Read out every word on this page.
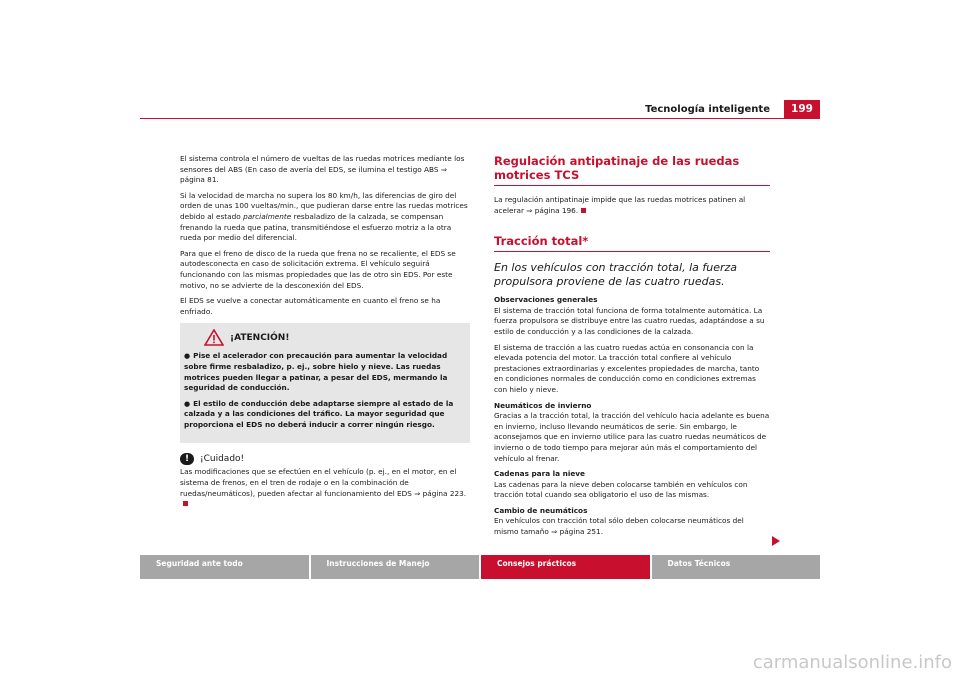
Tecnología inteligente	199

El sistema controla el número de vueltas de las ruedas motrices mediante los sensores del ABS (En caso de avería del EDS, se ilumina el testigo ABS ⇒ página 81.

Si la velocidad de marcha no supera los 80 km/h, las diferencias de giro del orden de unas 100 vueltas/min., que pudieran darse entre las ruedas motrices debido al estado parcialmente resbaladizo de la calzada, se compensan frenando la rueda que patina, transmitiéndose el esfuerzo motriz a la otra rueda por medio del diferencial.

Para que el freno de disco de la rueda que frena no se recaliente, el EDS se autodesconecta en caso de solicitación extrema. El vehículo seguirá funcionando con las mismas propiedades que las de otro sin EDS. Por este motivo, no se advierte de la desconexión del EDS.

El EDS se vuelve a conectar automáticamente en cuanto el freno se ha enfriado.

¡ATENCIÓN!
● Pise el acelerador con precaución para aumentar la velocidad sobre firme resbaladizo, p. ej., sobre hielo y nieve. Las ruedas motrices pueden llegar a patinar, a pesar del EDS, mermando la seguridad de conducción.
● El estilo de conducción debe adaptarse siempre al estado de la calzada y a las condiciones del tráfico. La mayor seguridad que proporciona el EDS no deberá inducir a correr ningún riesgo.
!	¡Cuidado!

Las modificaciones que se efectúen en el vehículo (p. ej., en el motor, en el sistema de frenos, en el tren de rodaje o en la combinación de ruedas/neumáticos), pueden afectar al funcionamiento del EDS ⇒ página 223.

Regulación antipatinaje de las ruedas motrices TCS

La regulación antipatinaje impide que las ruedas motrices patinen al acelerar ⇒ página 196.

Tracción total*
En los vehículos con tracción total, la fuerza propulsora proviene de las cuatro ruedas.
Observaciones generales

El sistema de tracción total funciona de forma totalmente automática. La fuerza propulsora se distribuye entre las cuatro ruedas, adaptándose a su estilo de conducción y a las condiciones de la calzada.

El sistema de tracción a las cuatro ruedas actúa en consonancia con la elevada potencia del motor. La tracción total confiere al vehículo prestaciones extraordinarias y excelentes propiedades de marcha, tanto en condiciones normales de conducción como en condiciones extremas con hielo y nieve.

Neumáticos de invierno

Gracias a la tracción total, la tracción del vehículo hacia adelante es buena en invierno, incluso llevando neumáticos de serie. Sin embargo, le aconsejamos que en invierno utilice para las cuatro ruedas neumáticos de invierno o de todo tiempo para mejorar aún más el comportamiento del vehículo al frenar.

Cadenas para la nieve

Las cadenas para la nieve deben colocarse también en vehículos con tracción total cuando sea obligatorio el uso de las mismas.

Cambio de neumáticos

En vehículos con tracción total sólo deben colocarse neumáticos del mismo tamaño ⇒ página 251.

Seguridad ante todo	Instrucciones de Manejo	Consejos prácticos	Datos Técnicos
carmanualsonline.info
